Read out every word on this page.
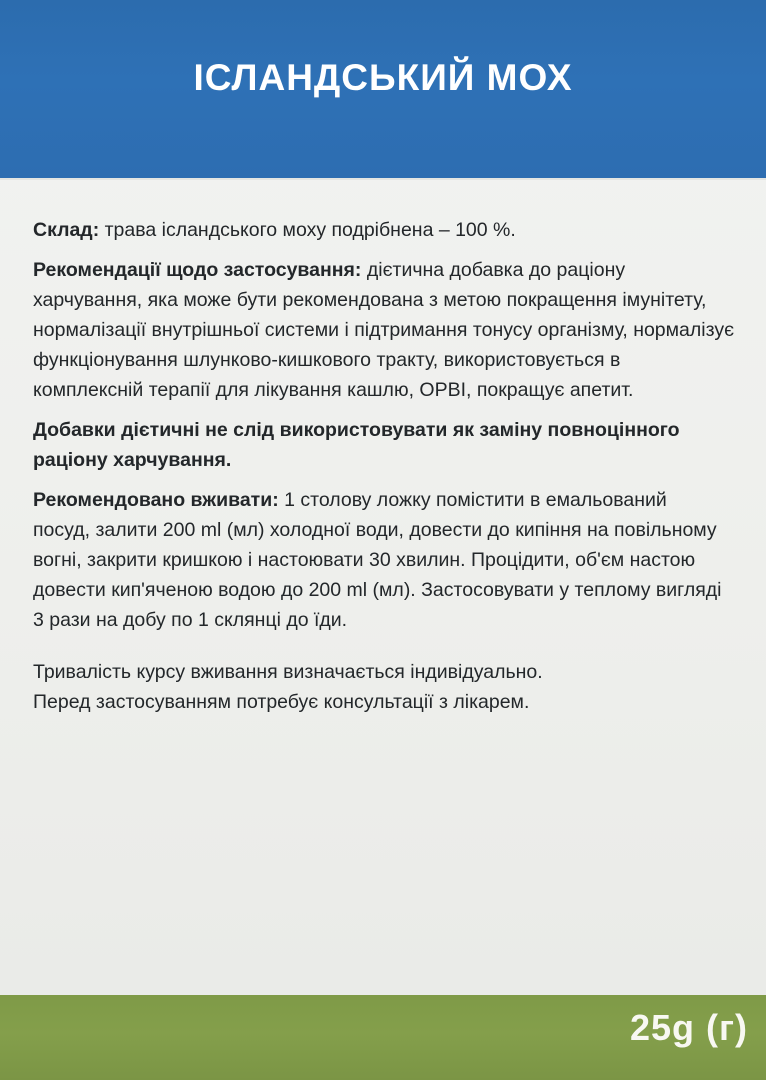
ІСЛАНДСЬКИЙ МОХ

Склад: трава ісландського моху подрібнена – 100 %.

Рекомендації щодо застосування: дієтична добавка до раціону
харчування, яка може бути рекомендована з метою покращення імунітету,
нормалізації внутрішньої системи і підтримання тонусу організму, нормалізує
функціонування шлунково-кишкового тракту, використовується в
комплексній терапії для лікування кашлю, ОРВІ, покращує апетит.

Добавки дієтичні не слід використовувати як заміну повноцінного
раціону харчування.

Рекомендовано вживати: 1 столову ложку помістити в емальований
посуд, залити 200 ml (мл) холодної води, довести до кипіння на повільному
вогні, закрити кришкою і настоювати 30 хвилин. Процідити, об'єм настою
довести кип'яченою водою до 200 ml (мл). Застосовувати у теплому вигляді
3 рази на добу по 1 склянці до їди.

Тривалість курсу вживання визначається індивідуально.
Перед застосуванням потребує консультації з лікарем.

25g (г)
